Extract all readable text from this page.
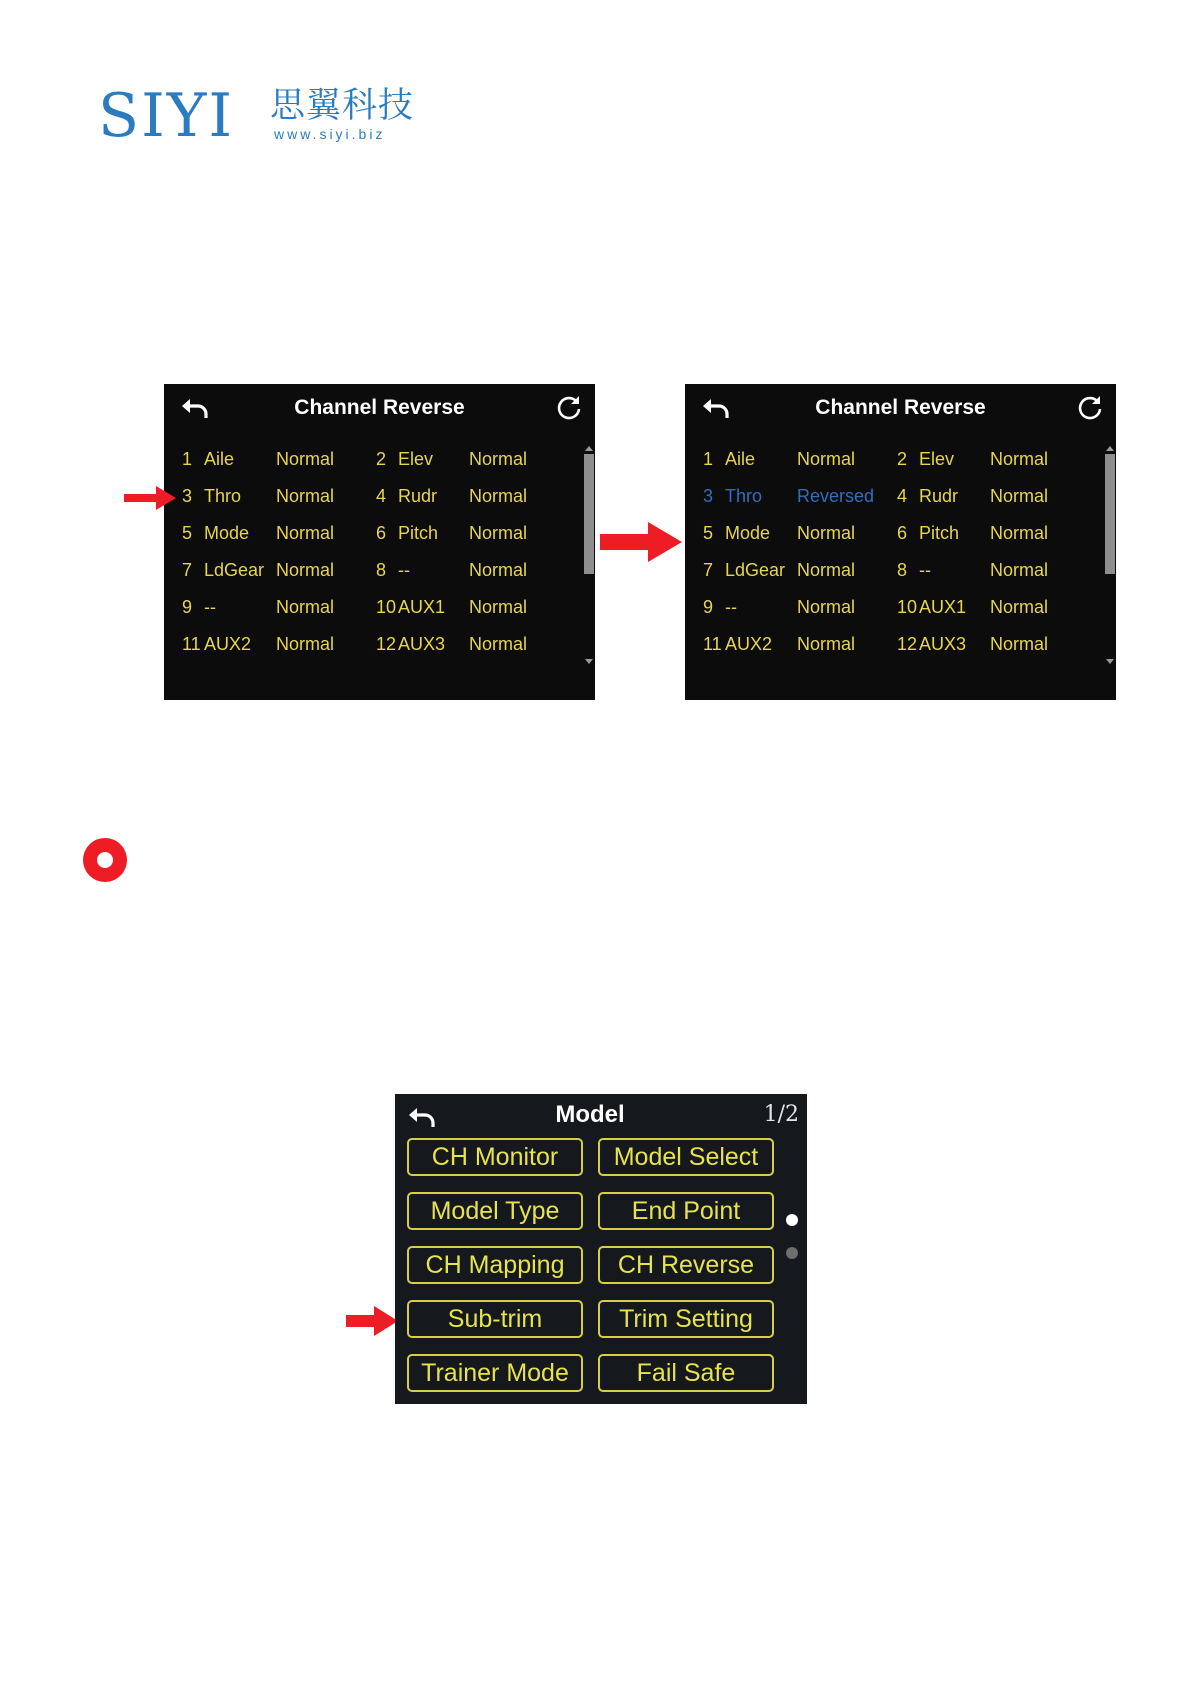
SIYI 思翼科技
www.siyi.biz
Channel Reverse
1 Aile Normal 2 Elev Normal
3 Thro Normal 4 Rudr Normal
5 Mode Normal 6 Pitch Normal
7 LdGear Normal 8 --	Normal
9 --	Normal 10 AUX1 Normal
11 AUX2 Normal 12 AUX3 Normal
Channel Reverse
1 Aile Normal 2 Elev Normal
3 Thro Reversed 4 Rudr Normal
5 Mode Normal 6 Pitch Normal
7 LdGear Normal 8 --	Normal
9 --	Normal 10 AUX1 Normal
11 AUX2 Normal 12 AUX3 Normal
Model	1/2
CH Monitor	Model Select
Model Type	End Point
CH Mapping	CH Reverse
Sub-trim	Trim Setting
Trainer Mode	Fail Safe
